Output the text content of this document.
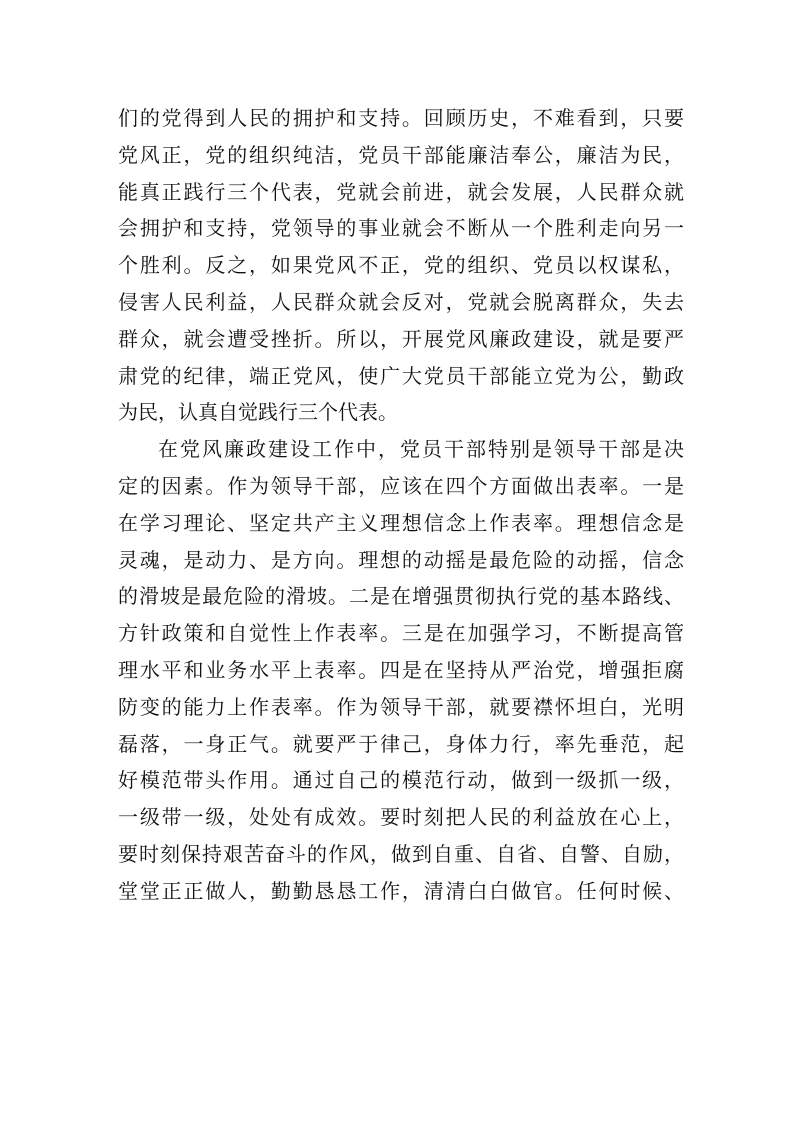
们的党得到人民的拥护和支持。回顾历史，不难看到，只要
党风正，党的组织纯洁，党员干部能廉洁奉公，廉洁为民，
能真正践行三个代表，党就会前进，就会发展，人民群众就
会拥护和支持，党领导的事业就会不断从一个胜利走向另一
个胜利。反之，如果党风不正，党的组织、党员以权谋私，
侵害人民利益，人民群众就会反对，党就会脱离群众，失去
群众，就会遭受挫折。所以，开展党风廉政建设，就是要严
肃党的纪律，端正党风，使广大党员干部能立党为公，勤政
为民，认真自觉践行三个代表。
在党风廉政建设工作中，党员干部特别是领导干部是决
定的因素。作为领导干部，应该在四个方面做出表率。一是
在学习理论、坚定共产主义理想信念上作表率。理想信念是
灵魂，是动力、是方向。理想的动摇是最危险的动摇，信念
的滑坡是最危险的滑坡。二是在增强贯彻执行党的基本路线、
方针政策和自觉性上作表率。三是在加强学习，不断提高管
理水平和业务水平上表率。四是在坚持从严治党，增强拒腐
防变的能力上作表率。作为领导干部，就要襟怀坦白，光明
磊落，一身正气。就要严于律己，身体力行，率先垂范，起
好模范带头作用。通过自己的模范行动，做到一级抓一级，
一级带一级，处处有成效。要时刻把人民的利益放在心上，
要时刻保持艰苦奋斗的作风，做到自重、自省、自警、自励，
堂堂正正做人，勤勤恳恳工作，清清白白做官。任何时候、
